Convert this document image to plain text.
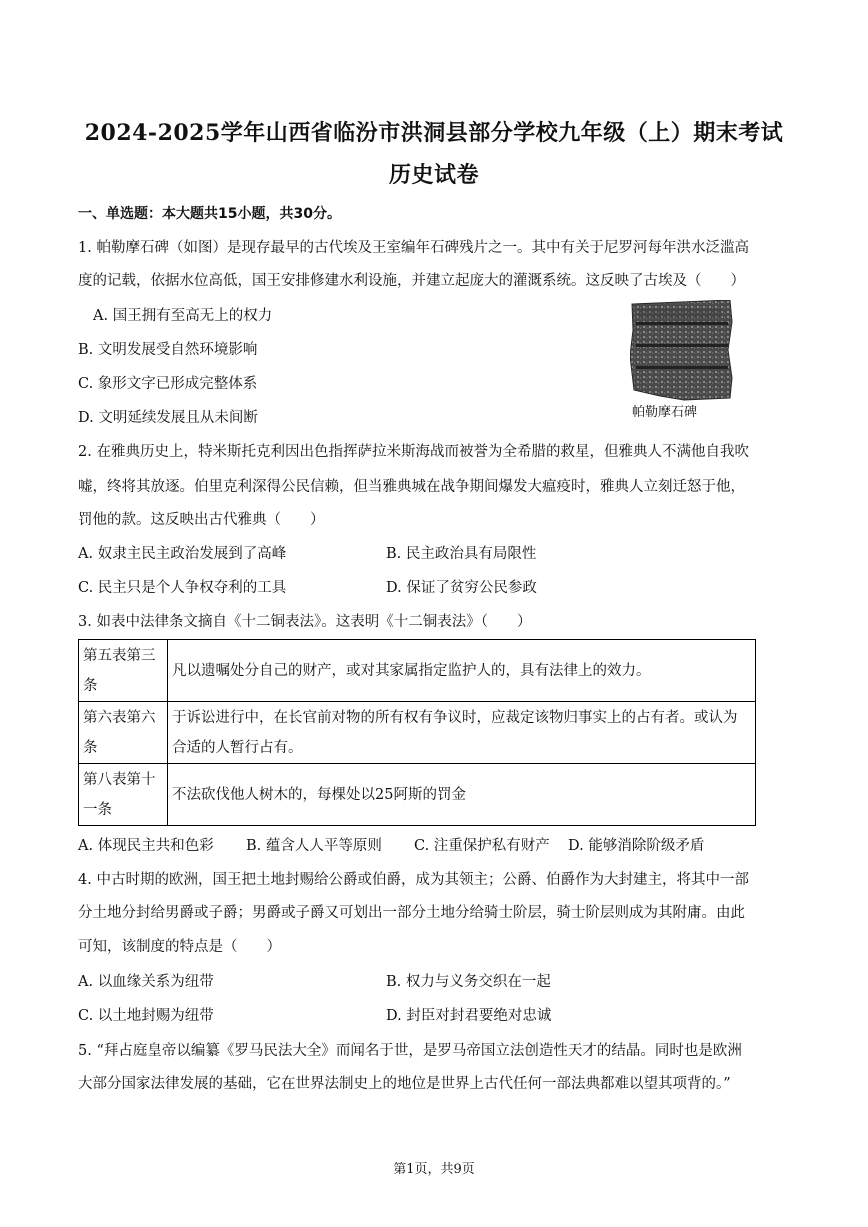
2024-2025学年山西省临汾市洪洞县部分学校九年级（上）期末考试
历史试卷
一、单选题：本大题共15小题，共30分。
1. 帕勒摩石碑（如图）是现存最早的古代埃及王室编年石碑残片之一。其中有关于尼罗河每年洪水泛滥高
度的记载，依据水位高低，国王安排修建水利设施，并建立起庞大的灌溉系统。这反映了古埃及（　　）
A. 国王拥有至高无上的权力
B. 文明发展受自然环境影响
C. 象形文字已形成完整体系
D. 文明延续发展且从未间断	帕勒摩石碑
2. 在雅典历史上，特米斯托克利因出色指挥萨拉米斯海战而被誉为全希腊的救星，但雅典人不满他自我吹
嘘，终将其放逐。伯里克利深得公民信赖，但当雅典城在战争期间爆发大瘟疫时，雅典人立刻迁怒于他，
罚他的款。这反映出古代雅典（　　）
A. 奴隶主民主政治发展到了高峰	B. 民主政治具有局限性
C. 民主只是个人争权夺利的工具	D. 保证了贫穷公民参政
3. 如表中法律条文摘自《十二铜表法》。这表明《十二铜表法》（　　）
第五表第三条	凡以遗嘱处分自己的财产，或对其家属指定监护人的，具有法律上的效力。
第六表第六条	于诉讼进行中，在长官前对物的所有权有争议时，应裁定该物归事实上的占有者。或认为合适的人暂行占有。
第八表第十一条	不法砍伐他人树木的，每棵处以25阿斯的罚金
A. 体现民主共和色彩 B. 蕴含人人平等原则 C. 注重保护私有财产 D. 能够消除阶级矛盾
4. 中古时期的欧洲，国王把土地封赐给公爵或伯爵，成为其领主；公爵、伯爵作为大封建主，将其中一部
分土地分封给男爵或子爵；男爵或子爵又可划出一部分土地分给骑士阶层，骑士阶层则成为其附庸。由此
可知，该制度的特点是（　　）
A. 以血缘关系为纽带	B. 权力与义务交织在一起
C. 以土地封赐为纽带	D. 封臣对封君要绝对忠诚
5. “拜占庭皇帝以编纂《罗马民法大全》而闻名于世，是罗马帝国立法创造性天才的结晶。同时也是欧洲
大部分国家法律发展的基础，它在世界法制史上的地位是世界上古代任何一部法典都难以望其项背的。”
第1页，共9页
